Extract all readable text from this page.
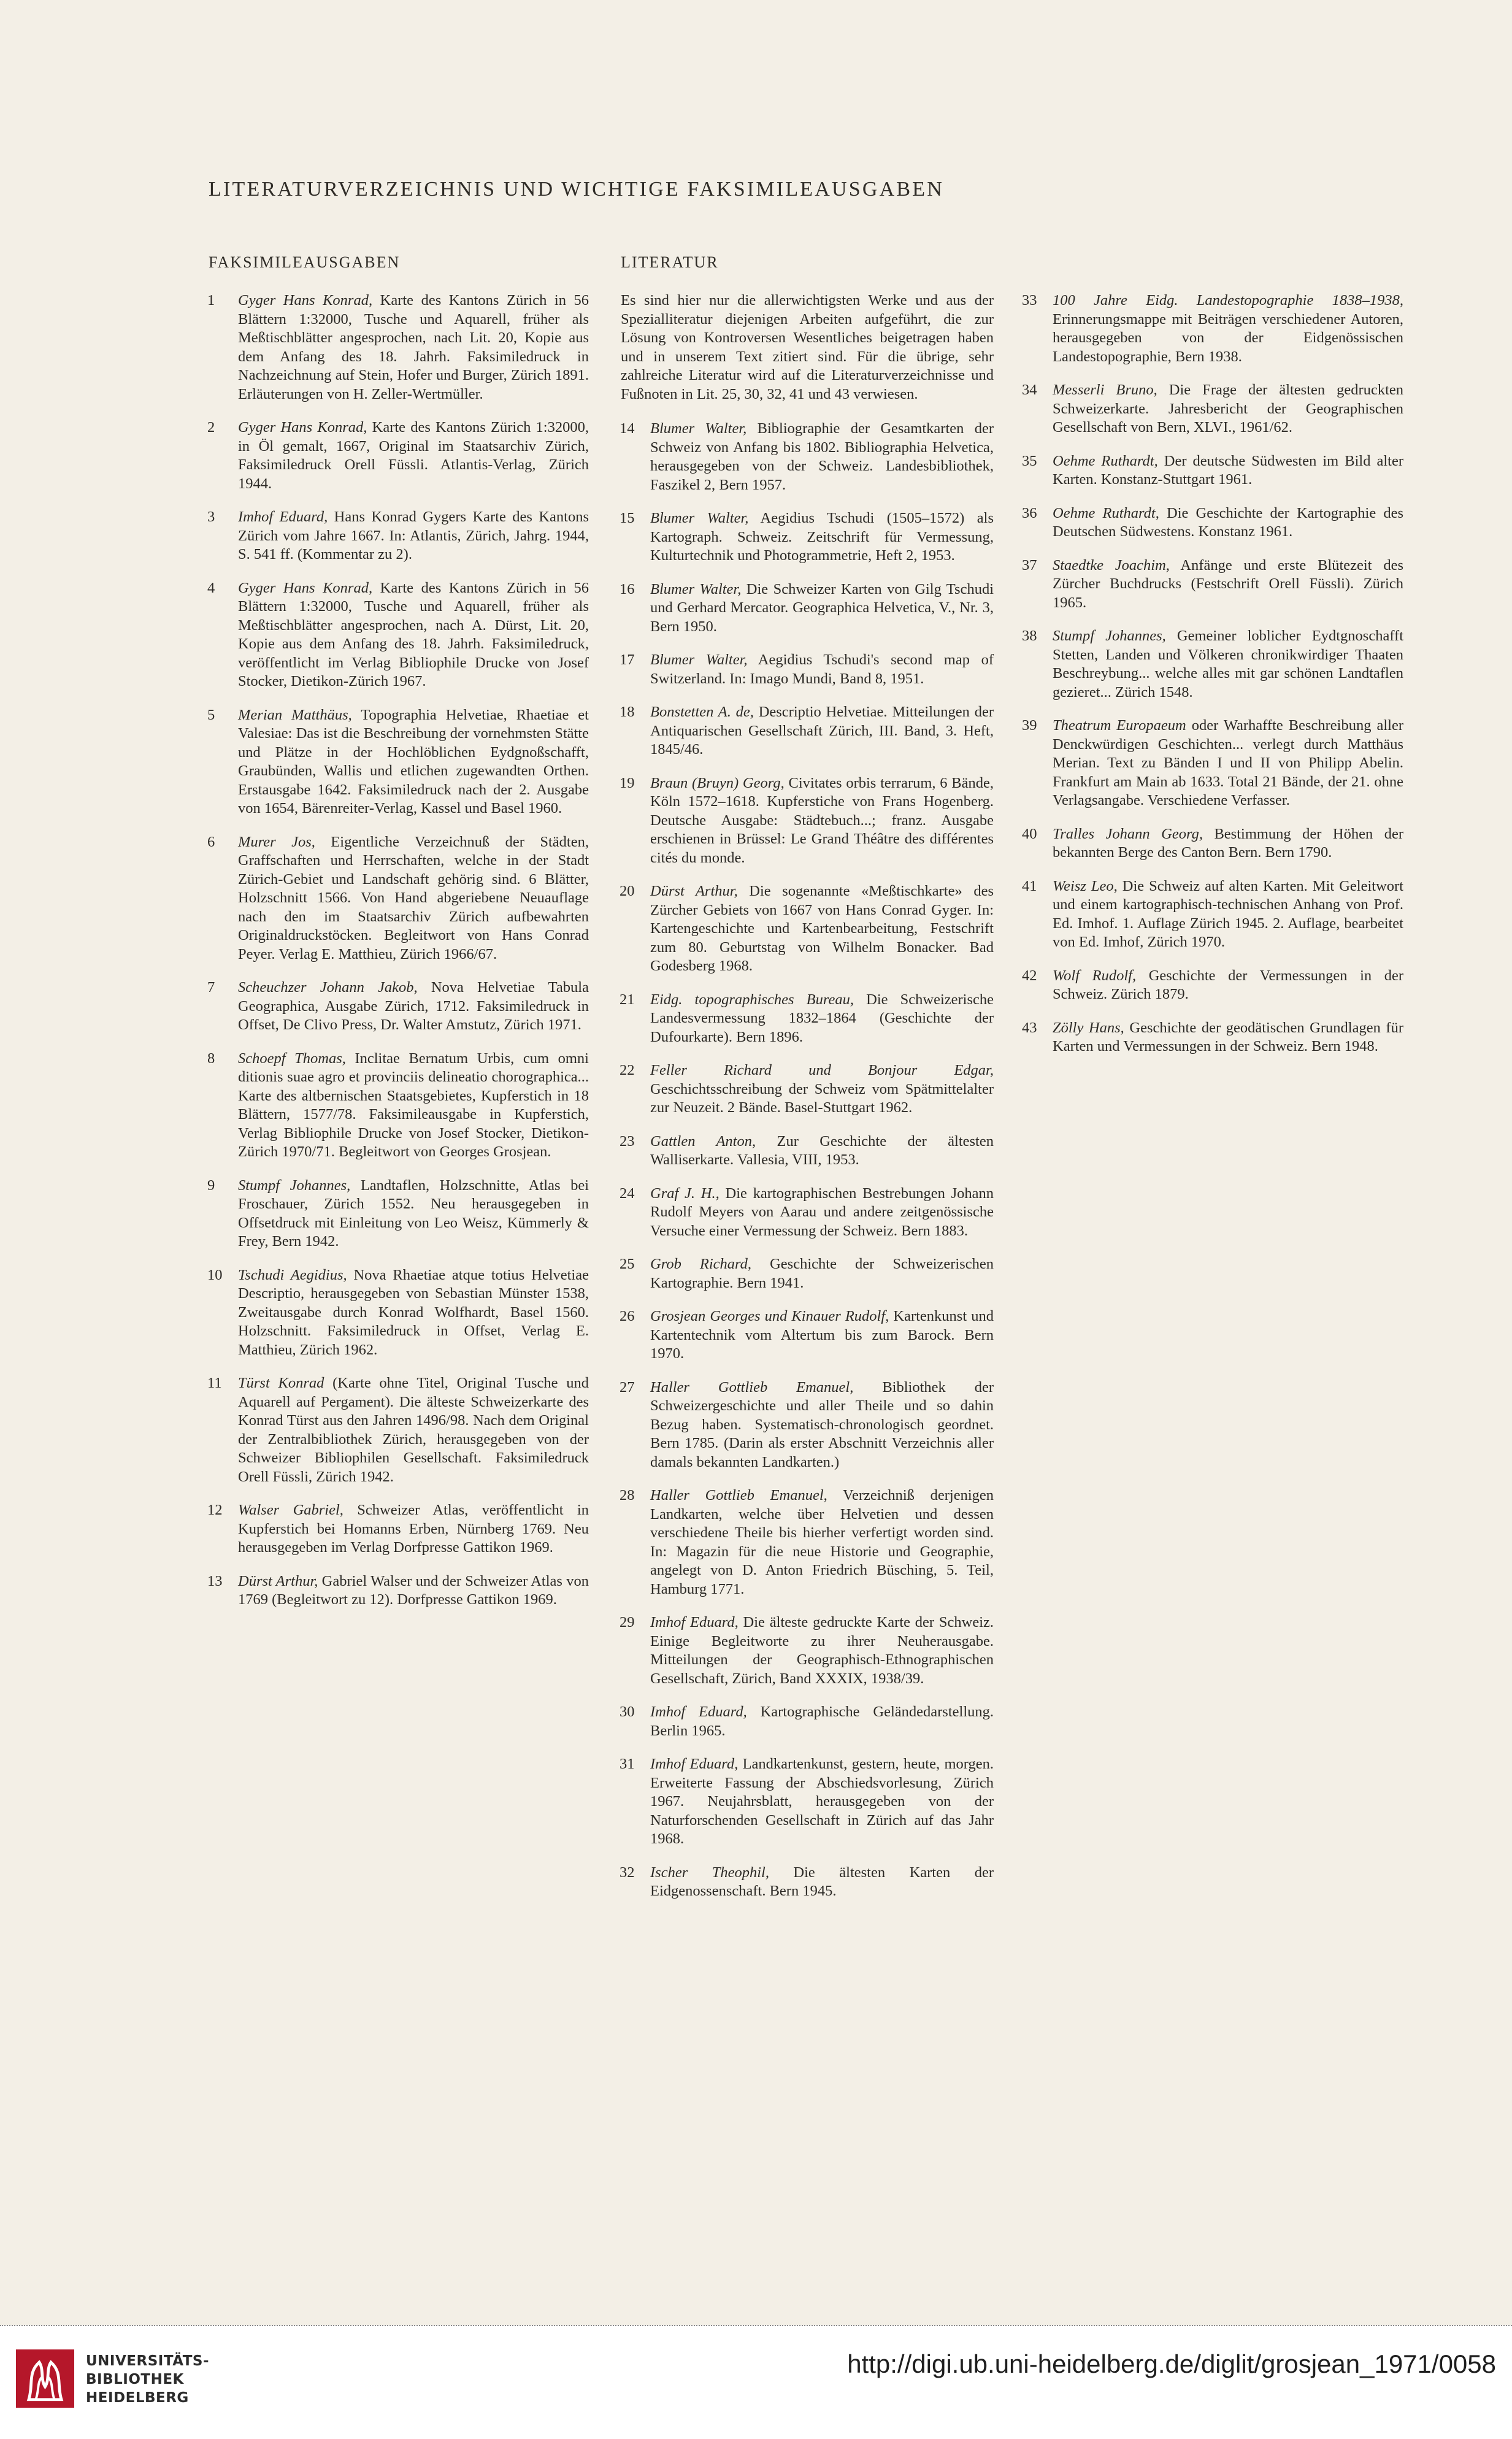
LITERATURVERZEICHNIS UND WICHTIGE FAKSIMILEAUSGABEN
FAKSIMILEAUSGABEN	LITERATUR
1	Gyger Hans Konrad, Karte des Kantons Zürich in 56 Blättern 1:32000, Tusche und Aquarell, früher als Meßtischblätter angesprochen, nach Lit. 20, Kopie aus dem Anfang des 18. Jahrh. Faksimiledruck in Nachzeichnung auf Stein, Hofer und Burger, Zürich 1891. Erläuterungen von H. Zeller-Wertmüller.
2	Gyger Hans Konrad, Karte des Kantons Zürich 1:32000, in Öl gemalt, 1667, Original im Staatsarchiv Zürich, Faksimiledruck Orell Füssli. Atlantis-Verlag, Zürich 1944.
3	Imhof Eduard, Hans Konrad Gygers Karte des Kantons Zürich vom Jahre 1667. In: Atlantis, Zürich, Jahrg. 1944, S. 541 ff. (Kommentar zu 2).
4	Gyger Hans Konrad, Karte des Kantons Zürich in 56 Blättern 1:32000, Tusche und Aquarell, früher als Meßtischblätter angesprochen, nach A. Dürst, Lit. 20, Kopie aus dem Anfang des 18. Jahrh. Faksimiledruck, veröffentlicht im Verlag Bibliophile Drucke von Josef Stocker, Dietikon-Zürich 1967.
5	Merian Matthäus, Topographia Helvetiae, Rhaetiae et Valesiae: Das ist die Beschreibung der vornehmsten Stätte und Plätze in der Hochlöblichen Eydgnoßschafft, Graubünden, Wallis und etlichen zugewandten Orthen. Erstausgabe 1642. Faksimiledruck nach der 2. Ausgabe von 1654, Bärenreiter-Verlag, Kassel und Basel 1960.
6	Murer Jos, Eigentliche Verzeichnuß der Städten, Graffschaften und Herrschaften, welche in der Stadt Zürich-Gebiet und Landschaft gehörig sind. 6 Blätter, Holzschnitt 1566. Von Hand abgeriebene Neuauflage nach den im Staatsarchiv Zürich aufbewahrten Originaldruckstöcken. Begleitwort von Hans Conrad Peyer. Verlag E. Matthieu, Zürich 1966/67.
7	Scheuchzer Johann Jakob, Nova Helvetiae Tabula Geographica, Ausgabe Zürich, 1712. Faksimiledruck in Offset, De Clivo Press, Dr. Walter Amstutz, Zürich 1971.
8	Schoepf Thomas, Inclitae Bernatum Urbis, cum omni ditionis suae agro et provinciis delineatio chorographica... Karte des altbernischen Staatsgebietes, Kupferstich in 18 Blättern, 1577/78. Faksimileausgabe in Kupferstich, Verlag Bibliophile Drucke von Josef Stocker, Dietikon-Zürich 1970/71. Begleitwort von Georges Grosjean.
9	Stumpf Johannes, Landtaflen, Holzschnitte, Atlas bei Froschauer, Zürich 1552. Neu herausgegeben in Offsetdruck mit Einleitung von Leo Weisz, Kümmerly & Frey, Bern 1942.
10 Tschudi Aegidius, Nova Rhaetiae atque totius Helvetiae Descriptio, herausgegeben von Sebastian Münster 1538, Zweitausgabe durch Konrad Wolfhardt, Basel 1560. Holzschnitt. Faksimiledruck in Offset, Verlag E. Matthieu, Zürich 1962.
11 Türst Konrad (Karte ohne Titel, Original Tusche und Aquarell auf Pergament). Die älteste Schweizerkarte des Konrad Türst aus den Jahren 1496/98. Nach dem Original der Zentralbibliothek Zürich, herausgegeben von der Schweizer Bibliophilen Gesellschaft. Faksimiledruck Orell Füssli, Zürich 1942.
12 Walser Gabriel, Schweizer Atlas, veröffentlicht in Kupferstich bei Homanns Erben, Nürnberg 1769. Neu herausgegeben im Verlag Dorfpresse Gattikon 1969.
13 Dürst Arthur, Gabriel Walser und der Schweizer Atlas von 1769 (Begleitwort zu 12). Dorfpresse Gattikon 1969.

Es sind hier nur die allerwichtigsten Werke und aus der Spezialliteratur diejenigen Arbeiten aufgeführt, die zur Lösung von Kontroversen Wesentliches beigetragen haben und in unserem Text zitiert sind. Für die übrige, sehr zahlreiche Literatur wird auf die Literaturverzeichnisse und Fußnoten in Lit. 25, 30, 32, 41 und 43 verwiesen.

14 Blumer Walter, Bibliographie der Gesamtkarten der Schweiz von Anfang bis 1802. Bibliographia Helvetica, herausgegeben von der Schweiz. Landesbibliothek, Faszikel 2, Bern 1957.
15 Blumer Walter, Aegidius Tschudi (1505–1572) als Kartograph. Schweiz. Zeitschrift für Vermessung, Kulturtechnik und Photogrammetrie, Heft 2, 1953.
16 Blumer Walter, Die Schweizer Karten von Gilg Tschudi und Gerhard Mercator. Geographica Helvetica, V., Nr. 3, Bern 1950.
17 Blumer Walter, Aegidius Tschudi's second map of Switzerland. In: Imago Mundi, Band 8, 1951.
18 Bonstetten A. de, Descriptio Helvetiae. Mitteilungen der Antiquarischen Gesellschaft Zürich, III. Band, 3. Heft, 1845/46.
19 Braun (Bruyn) Georg, Civitates orbis terrarum, 6 Bände, Köln 1572–1618. Kupferstiche von Frans Hogenberg. Deutsche Ausgabe: Städtebuch...; franz. Ausgabe erschienen in Brüssel: Le Grand Théâtre des différentes cités du monde.
20 Dürst Arthur, Die sogenannte «Meßtischkarte» des Zürcher Gebiets von 1667 von Hans Conrad Gyger. In: Kartengeschichte und Kartenbearbeitung, Festschrift zum 80. Geburtstag von Wilhelm Bonacker. Bad Godesberg 1968.
21 Eidg. topographisches Bureau, Die Schweizerische Landesvermessung 1832–1864 (Geschichte der Dufourkarte). Bern 1896.
22 Feller Richard und Bonjour Edgar, Geschichtsschreibung der Schweiz vom Spätmittelalter zur Neuzeit. 2 Bände. Basel-Stuttgart 1962.
23 Gattlen Anton, Zur Geschichte der ältesten Walliserkarte. Vallesia, VIII, 1953.
24 Graf J. H., Die kartographischen Bestrebungen Johann Rudolf Meyers von Aarau und andere zeitgenössische Versuche einer Vermessung der Schweiz. Bern 1883.
25 Grob Richard, Geschichte der Schweizerischen Kartographie. Bern 1941.
26 Grosjean Georges und Kinauer Rudolf, Kartenkunst und Kartentechnik vom Altertum bis zum Barock. Bern 1970.
27 Haller Gottlieb Emanuel, Bibliothek der Schweizergeschichte und aller Theile und so dahin Bezug haben. Systematisch-chronologisch geordnet. Bern 1785. (Darin als erster Abschnitt Verzeichnis aller damals bekannten Landkarten.)
28 Haller Gottlieb Emanuel, Verzeichniß derjenigen Landkarten, welche über Helvetien und dessen verschiedene Theile bis hierher verfertigt worden sind. In: Magazin für die neue Historie und Geographie, angelegt von D. Anton Friedrich Büsching, 5. Teil, Hamburg 1771.
29 Imhof Eduard, Die älteste gedruckte Karte der Schweiz. Einige Begleitworte zu ihrer Neuherausgabe. Mitteilungen der Geographisch-Ethnographischen Gesellschaft, Zürich, Band XXXIX, 1938/39.
30 Imhof Eduard, Kartographische Geländedarstellung. Berlin 1965.
31 Imhof Eduard, Landkartenkunst, gestern, heute, morgen. Erweiterte Fassung der Abschiedsvorlesung, Zürich 1967. Neujahrsblatt, herausgegeben von der Naturforschenden Gesellschaft in Zürich auf das Jahr 1968.
32 Ischer Theophil, Die ältesten Karten der Eidgenossenschaft. Bern 1945.
33 100 Jahre Eidg. Landestopographie 1838–1938, Erinnerungsmappe mit Beiträgen verschiedener Autoren, herausgegeben von der Eidgenössischen Landestopographie, Bern 1938.
34 Messerli Bruno, Die Frage der ältesten gedruckten Schweizerkarte. Jahresbericht der Geographischen Gesellschaft von Bern, XLVI., 1961/62.
35 Oehme Ruthardt, Der deutsche Südwesten im Bild alter Karten. Konstanz-Stuttgart 1961.
36 Oehme Ruthardt, Die Geschichte der Kartographie des Deutschen Südwestens. Konstanz 1961.
37 Staedtke Joachim, Anfänge und erste Blütezeit des Zürcher Buchdrucks (Festschrift Orell Füssli). Zürich 1965.
38 Stumpf Johannes, Gemeiner loblicher Eydtgnoschafft Stetten, Landen und Völkeren chronikwirdiger Thaaten Beschreybung... welche alles mit gar schönen Landtaflen gezieret... Zürich 1548.
39 Theatrum Europaeum oder Warhaffte Beschreibung aller Denckwürdigen Geschichten... verlegt durch Matthäus Merian. Text zu Bänden I und II von Philipp Abelin. Frankfurt am Main ab 1633. Total 21 Bände, der 21. ohne Verlagsangabe. Verschiedene Verfasser.
40 Tralles Johann Georg, Bestimmung der Höhen der bekannten Berge des Canton Bern. Bern 1790.
41 Weisz Leo, Die Schweiz auf alten Karten. Mit Geleitwort und einem kartographisch-technischen Anhang von Prof. Ed. Imhof. 1. Auflage Zürich 1945. 2. Auflage, bearbeitet von Ed. Imhof, Zürich 1970.
42 Wolf Rudolf, Geschichte der Vermessungen in der Schweiz. Zürich 1879.
43 Zölly Hans, Geschichte der geodätischen Grundlagen für Karten und Vermessungen in der Schweiz. Bern 1948.
UNIVERSITÄTS-
BIBLIOTHEK
HEIDELBERG
http://digi.ub.uni-heidelberg.de/diglit/grosjean_1971/0058
